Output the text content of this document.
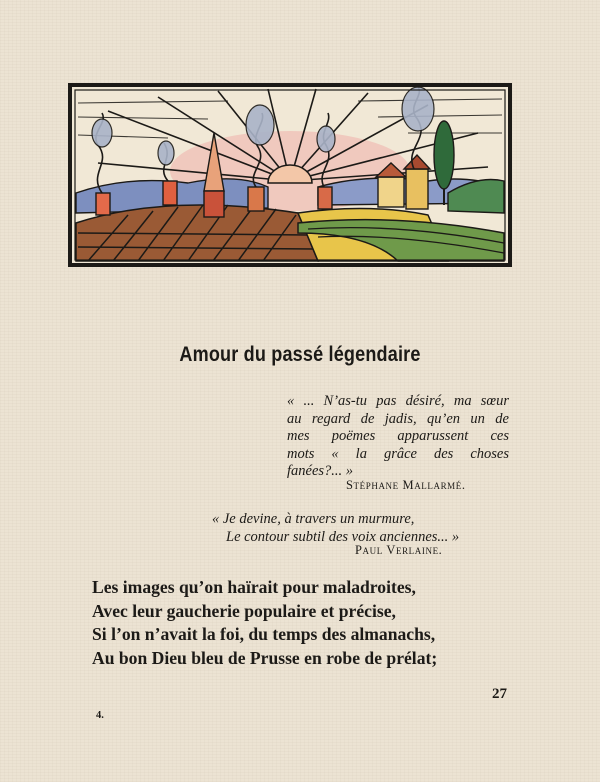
Amour du passé légendaire
« ... N’as-tu pas désiré, ma sœur
au regard de jadis, qu’en un de
mes poëmes apparussent ces
mots « la grâce des choses
fanées?... »
Stéphane Mallarmé.
« Je devine, à travers un murmure,
Le contour subtil des voix anciennes... »
Paul Verlaine.
Les images qu’on haïrait pour maladroites,
Avec leur gaucherie populaire et précise,
Si l’on n’avait la foi, du temps des almanachs,
Au bon Dieu bleu de Prusse en robe de prélat;
27
4.
